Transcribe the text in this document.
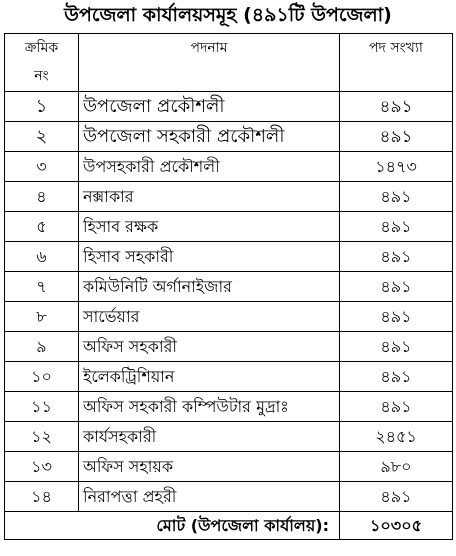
উপজেলা কার্যালয়সমূহ (৪৯১টি উপজেলা)
ক্রমিক
নং	পদনাম	পদ সংখ্যা
১	উপজেলা প্রকৌশলী	৪৯১
২	উপজেলা সহকারী প্রকৌশলী	৪৯১
৩	উপসহকারী প্রকৌশলী	১৪৭৩
৪	নক্সাকার	৪৯১
৫	হিসাব রক্ষক	৪৯১
৬	হিসাব সহকারী	৪৯১
৭	কমিউনিটি অর্গানাইজার	৪৯১
৮	সার্ভেয়ার	৪৯১
৯	অফিস সহকারী	৪৯১
১০	ইলেকট্রিশিয়ান	৪৯১
১১	অফিস সহকারী কম্পিউটার মুদ্রাঃ	৪৯১
১২	কার্যসহকারী	২৪৫১
১৩	অফিস সহায়ক	৯৮০
১৪	নিরাপত্তা প্রহরী	৪৯১
মোট (উপজেলা কার্যালয়):		১০৩০৫
